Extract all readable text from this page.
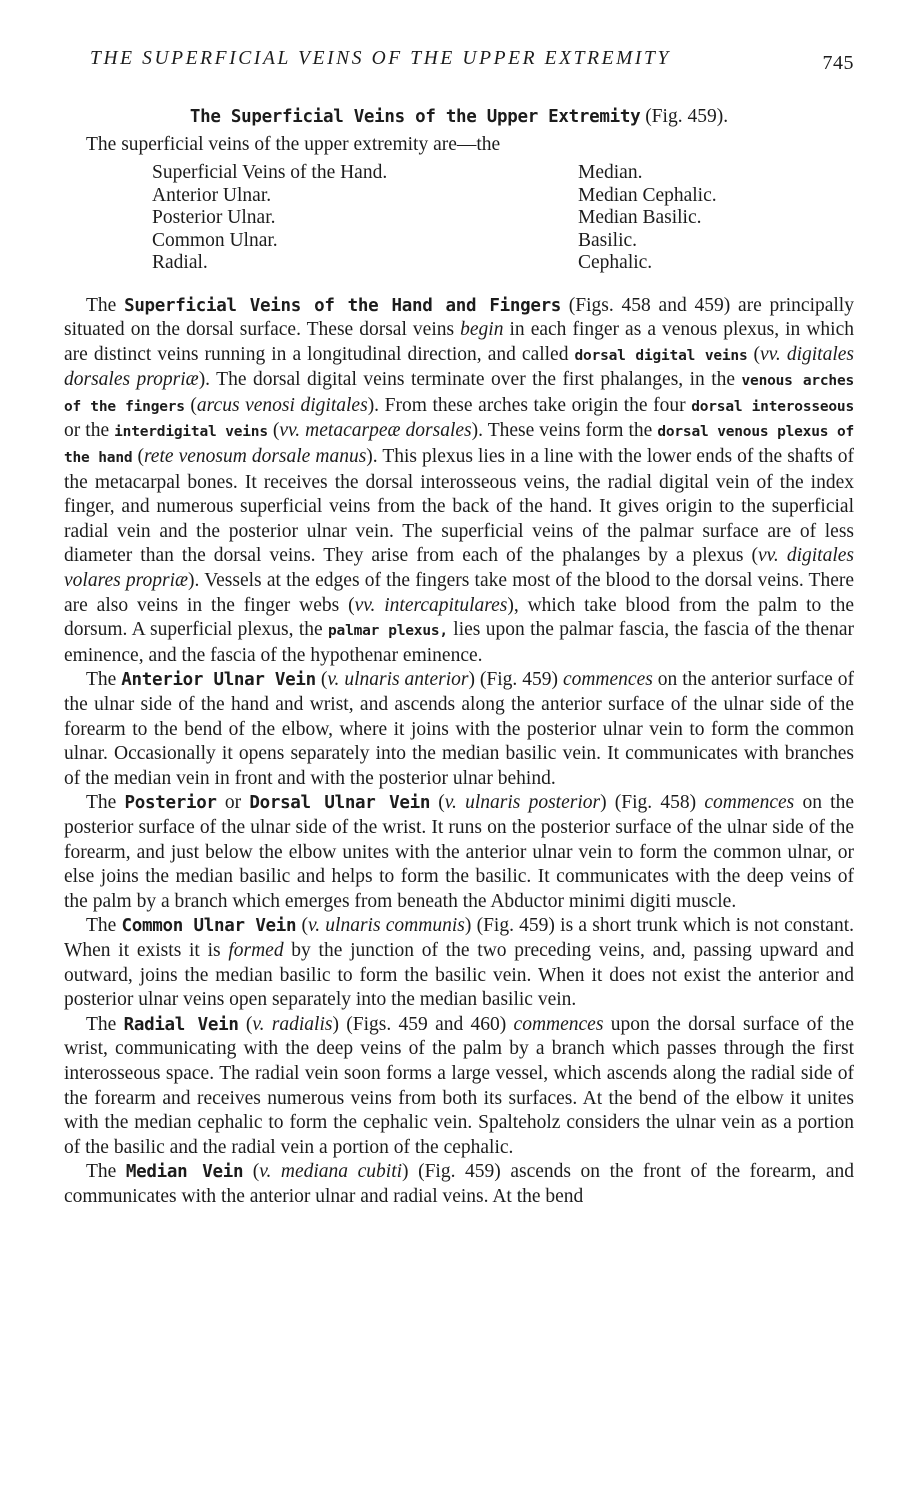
THE SUPERFICIAL VEINS OF THE UPPER EXTREMITY	745
The Superficial Veins of the Upper Extremity (Fig. 459).
The superficial veins of the upper extremity are—the
Superficial Veins of the Hand.	Median.
Anterior Ulnar.	Median Cephalic.
Posterior Ulnar.	Median Basilic.
Common Ulnar.	Basilic.
Radial.	Cephalic.

The Superficial Veins of the Hand and Fingers (Figs. 458 and 459) are principally situated on the dorsal surface. These dorsal veins begin in each finger as a venous plexus, in which are distinct veins running in a longitudinal direction, and called dorsal digital veins (vv. digitales dorsales propriæ). The dorsal digital veins terminate over the first phalanges, in the venous arches of the fingers (arcus venosi digitales). From these arches take origin the four dorsal interosseous or the interdigital veins (vv. metacarpeæ dorsales). These veins form the dorsal venous plexus of the hand (rete venosum dorsale manus). This plexus lies in a line with the lower ends of the shafts of the metacarpal bones. It receives the dorsal interosseous veins, the radial digital vein of the index finger, and numerous superficial veins from the back of the hand. It gives origin to the superficial radial vein and the posterior ulnar vein. The superficial veins of the palmar surface are of less diameter than the dorsal veins. They arise from each of the phalanges by a plexus (vv. digitales volares propriæ). Vessels at the edges of the fingers take most of the blood to the dorsal veins. There are also veins in the finger webs (vv. intercapitulares), which take blood from the palm to the dorsum. A superficial plexus, the palmar plexus, lies upon the palmar fascia, the fascia of the thenar eminence, and the fascia of the hypothenar eminence.

The Anterior Ulnar Vein (v. ulnaris anterior) (Fig. 459) commences on the anterior surface of the ulnar side of the hand and wrist, and ascends along the anterior surface of the ulnar side of the forearm to the bend of the elbow, where it joins with the posterior ulnar vein to form the common ulnar. Occasionally it opens separately into the median basilic vein. It communicates with branches of the median vein in front and with the posterior ulnar behind.

The Posterior or Dorsal Ulnar Vein (v. ulnaris posterior) (Fig. 458) commences on the posterior surface of the ulnar side of the wrist. It runs on the posterior surface of the ulnar side of the forearm, and just below the elbow unites with the anterior ulnar vein to form the common ulnar, or else joins the median basilic and helps to form the basilic. It communicates with the deep veins of the palm by a branch which emerges from beneath the Abductor minimi digiti muscle.

The Common Ulnar Vein (v. ulnaris communis) (Fig. 459) is a short trunk which is not constant. When it exists it is formed by the junction of the two preceding veins, and, passing upward and outward, joins the median basilic to form the basilic vein. When it does not exist the anterior and posterior ulnar veins open separately into the median basilic vein.

The Radial Vein (v. radialis) (Figs. 459 and 460) commences upon the dorsal surface of the wrist, communicating with the deep veins of the palm by a branch which passes through the first interosseous space. The radial vein soon forms a large vessel, which ascends along the radial side of the forearm and receives numerous veins from both its surfaces. At the bend of the elbow it unites with the median cephalic to form the cephalic vein. Spalteholz considers the ulnar vein as a portion of the basilic and the radial vein a portion of the cephalic.

The Median Vein (v. mediana cubiti) (Fig. 459) ascends on the front of the forearm, and communicates with the anterior ulnar and radial veins. At the bend
